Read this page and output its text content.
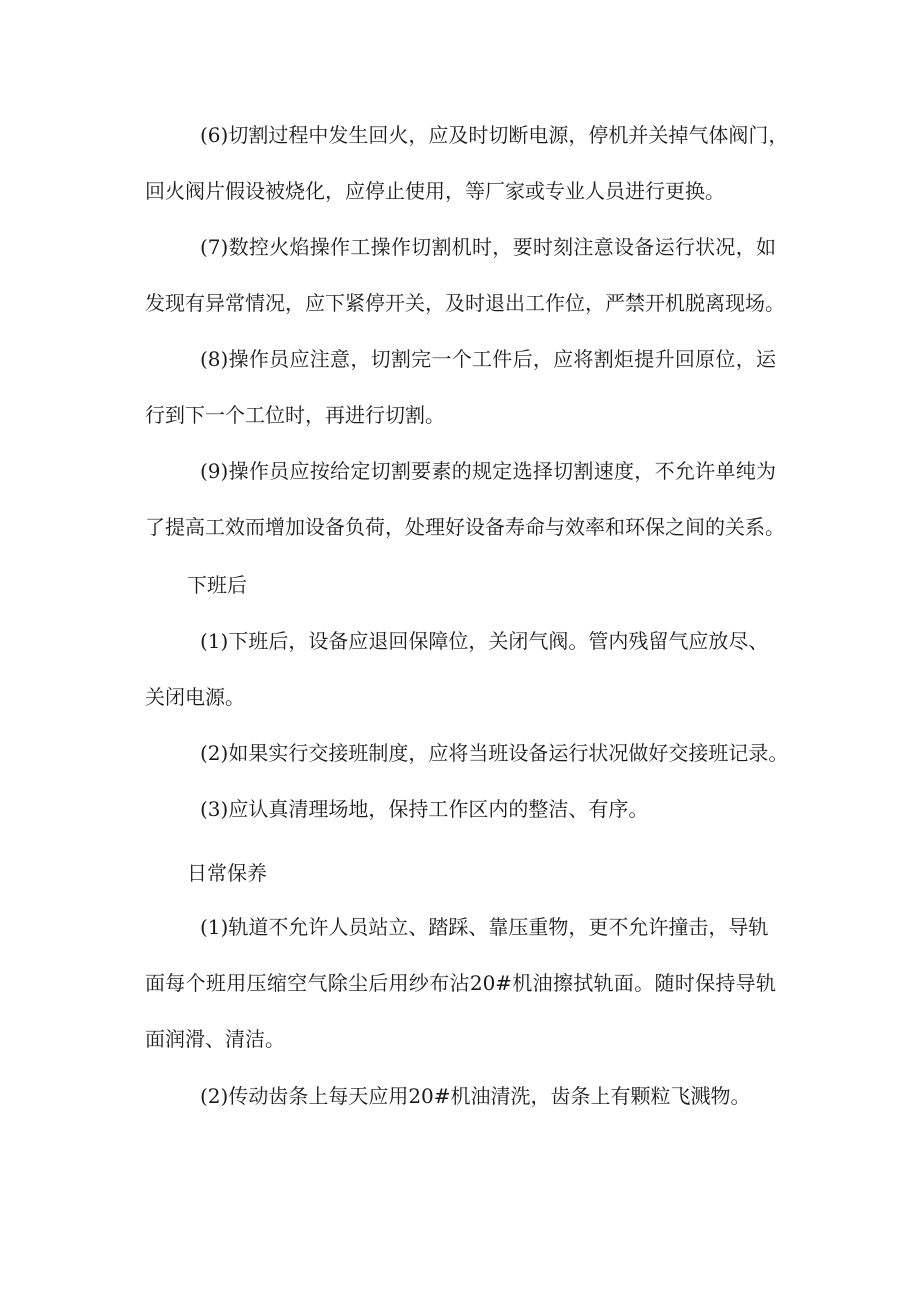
(6)切割过程中发生回火，应及时切断电源，停机并关掉气体阀门，
回火阀片假设被烧化，应停止使用，等厂家或专业人员进行更换。
(7)数控火焰操作工操作切割机时，要时刻注意设备运行状况，如
发现有异常情况，应下紧停开关，及时退出工作位，严禁开机脱离现场。
(8)操作员应注意，切割完一个工件后，应将割炬提升回原位，运
行到下一个工位时，再进行切割。
(9)操作员应按给定切割要素的规定选择切割速度，不允许单纯为
了提高工效而增加设备负荷，处理好设备寿命与效率和环保之间的关系。
下班后
(1)下班后，设备应退回保障位，关闭气阀。管内残留气应放尽、
关闭电源。
(2)如果实行交接班制度，应将当班设备运行状况做好交接班记录。
(3)应认真清理场地，保持工作区内的整洁、有序。
日常保养
(1)轨道不允许人员站立、踏踩、靠压重物，更不允许撞击，导轨
面每个班用压缩空气除尘后用纱布沾20#机油擦拭轨面。随时保持导轨
面润滑、清洁。
(2)传动齿条上每天应用20#机油清洗，齿条上有颗粒飞溅物。
